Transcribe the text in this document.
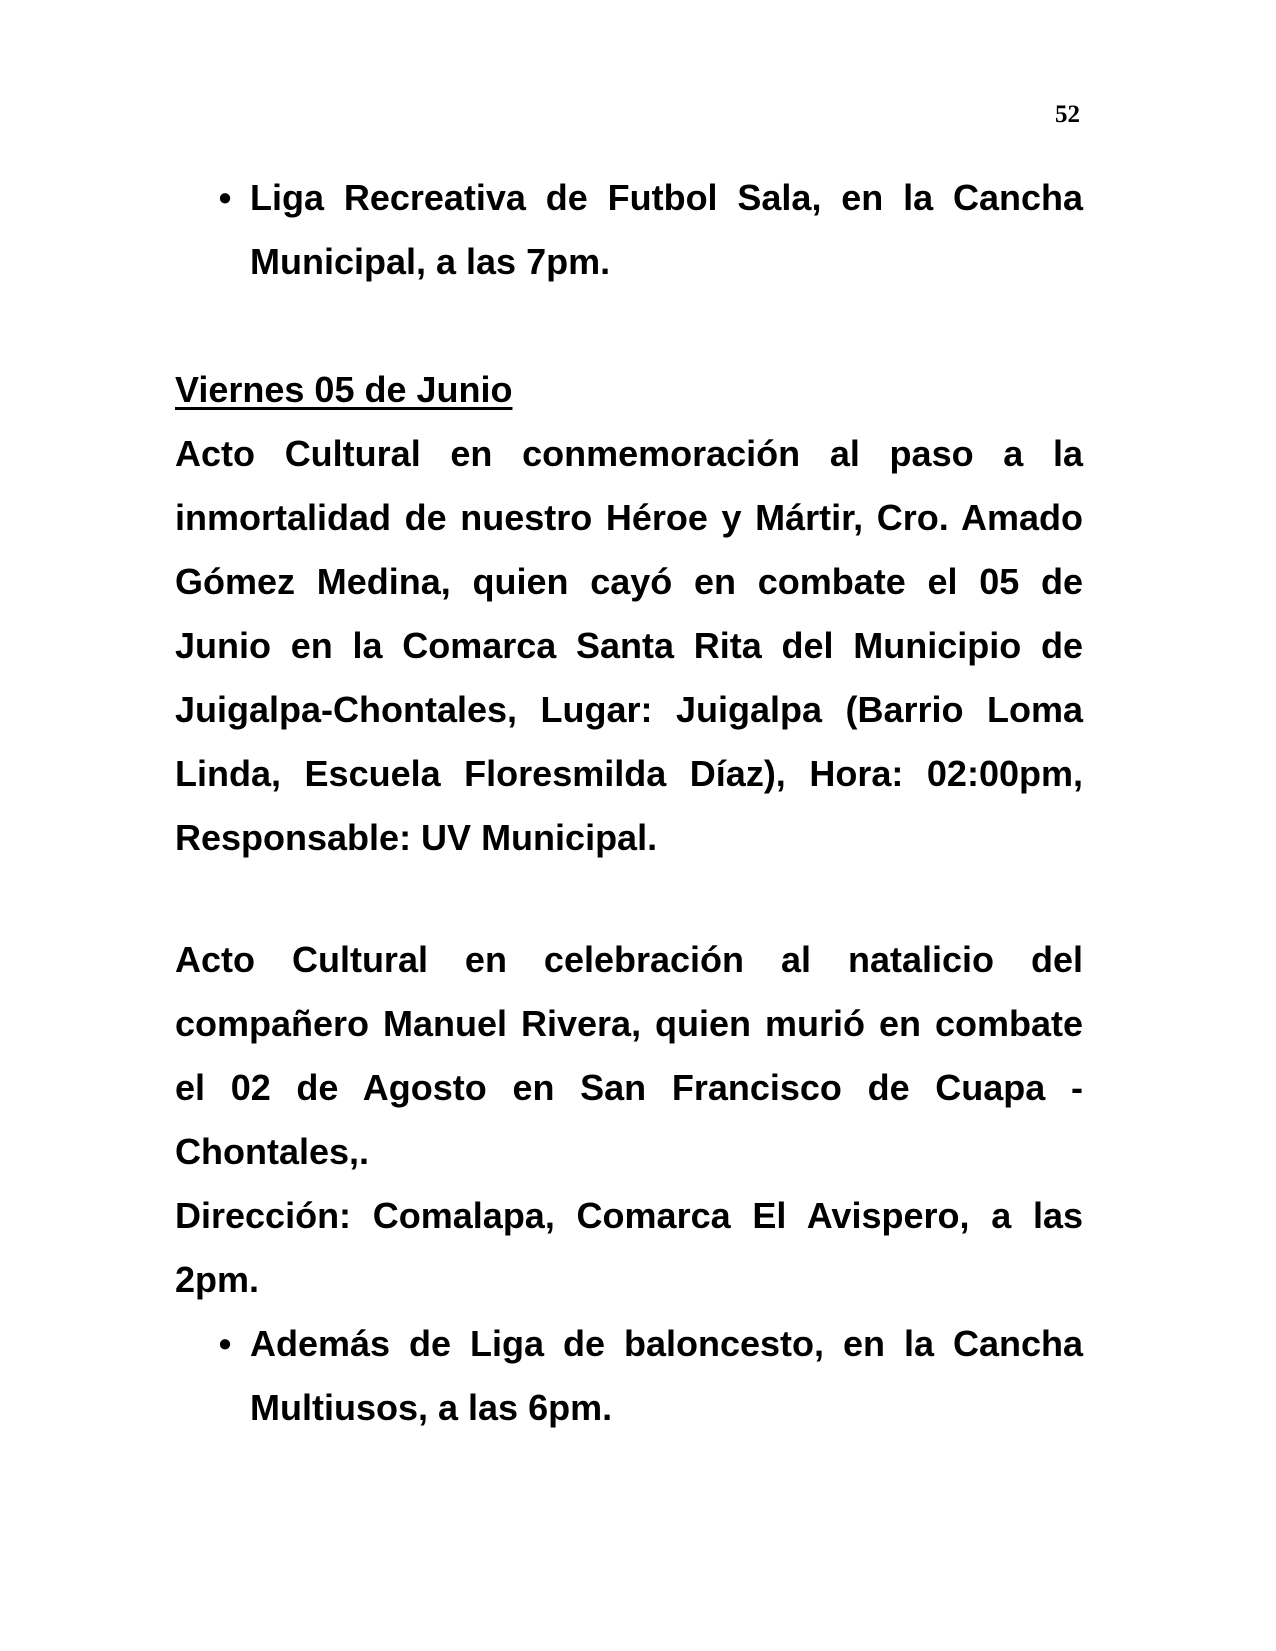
52
• Liga Recreativa de Futbol Sala, en la Cancha Municipal, a las 7pm.

Viernes 05 de Junio

Acto Cultural en conmemoración al paso a la inmortalidad de nuestro Héroe y Mártir, Cro. Amado Gómez Medina, quien cayó en combate el 05 de Junio en la Comarca Santa Rita del Municipio de Juigalpa-Chontales, Lugar: Juigalpa (Barrio Loma Linda, Escuela Floresmilda Díaz), Hora: 02:00pm, Responsable: UV Municipal.

Acto Cultural en celebración al natalicio del compañero Manuel Rivera, quien murió en combate el 02 de Agosto en San Francisco de Cuapa - Chontales,.

Dirección: Comalapa, Comarca El Avispero, a las 2pm.

• Además de Liga de baloncesto, en la Cancha Multiusos, a las 6pm.
